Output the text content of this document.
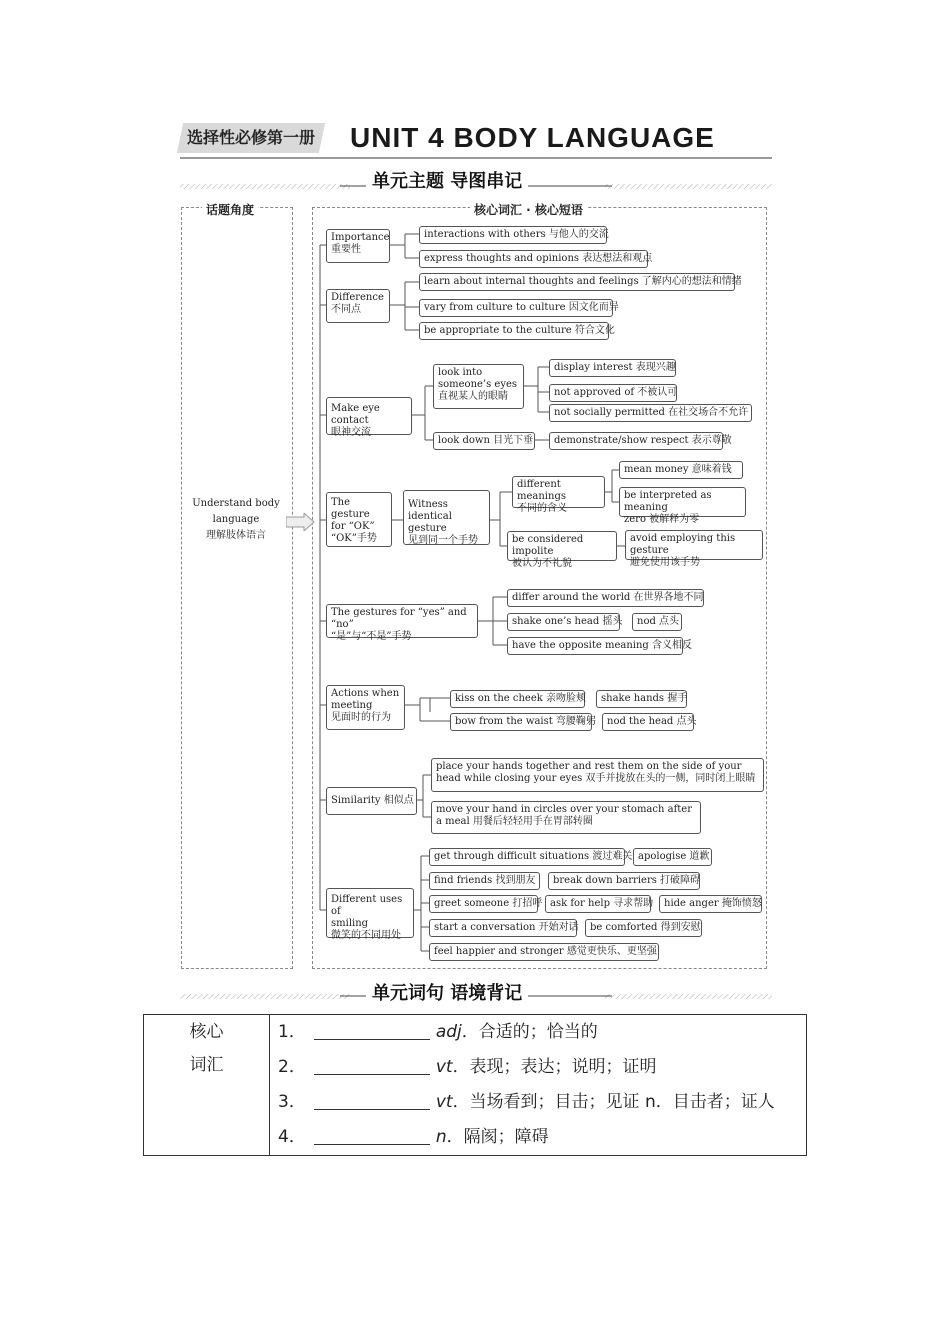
选择性必修第一册	UNIT 4 BODY LANGUAGE
单元主题 导图串记
话题角度	核心词汇 · 核心短语
Understand body language
理解肢体语言
Importance
重要性
interactions with others 与他人的交流
express thoughts and opinions 表达想法和观点
Difference
不同点
learn about internal thoughts and feelings 了解内心的想法和情绪
vary from culture to culture 因文化而异
be appropriate to the culture 符合文化
Make eye contact
眼神交流
look into
someone’s eyes
直视某人的眼睛
display interest 表现兴趣
not approved of 不被认可
not socially permitted 在社交场合不允许
look down 目光下垂	demonstrate/show respect 表示尊敬
The gesture
for “OK”
“OK”手势
Witness identical
gesture
见到同一个手势
different meanings
不同的含义
mean money 意味着钱
be interpreted as meaning
zero 被解释为零
be considered impolite
被认为不礼貌
avoid employing this gesture
避免使用该手势
The gestures for “yes” and “no”
“是”与“不是”手势
differ around the world 在世界各地不同
shake one’s head 摇头	nod 点头
have the opposite meaning 含义相反
Actions when
meeting
见面时的行为
kiss on the cheek 亲吻脸颊	shake hands 握手
bow from the waist 弯腰鞠躬	nod the head 点头
Similarity 相似点
place your hands together and rest them on the side of your head while closing your eyes 双手并拢放在头的一侧，同时闭上眼睛
move your hand in circles over your stomach after a meal 用餐后轻轻用手在胃部转圈
Different uses of
smiling
微笑的不同用处
get through difficult situations 渡过难关 apologise 道歉
find friends 找到朋友	break down barriers 打破障碍
greet someone 打招呼 ask for help 寻求帮助	hide anger 掩饰愤怒
start a conversation 开始对话	be comforted 得到安慰
feel happier and stronger 感觉更快乐、更坚强
单元词句 语境背记
核心
词汇

1．	adj．合适的；恰当的
2．	vt．表现；表达；说明；证明
3．	vt．当场看到；目击；见证 n．目击者；证人
4．	n．隔阂；障碍
